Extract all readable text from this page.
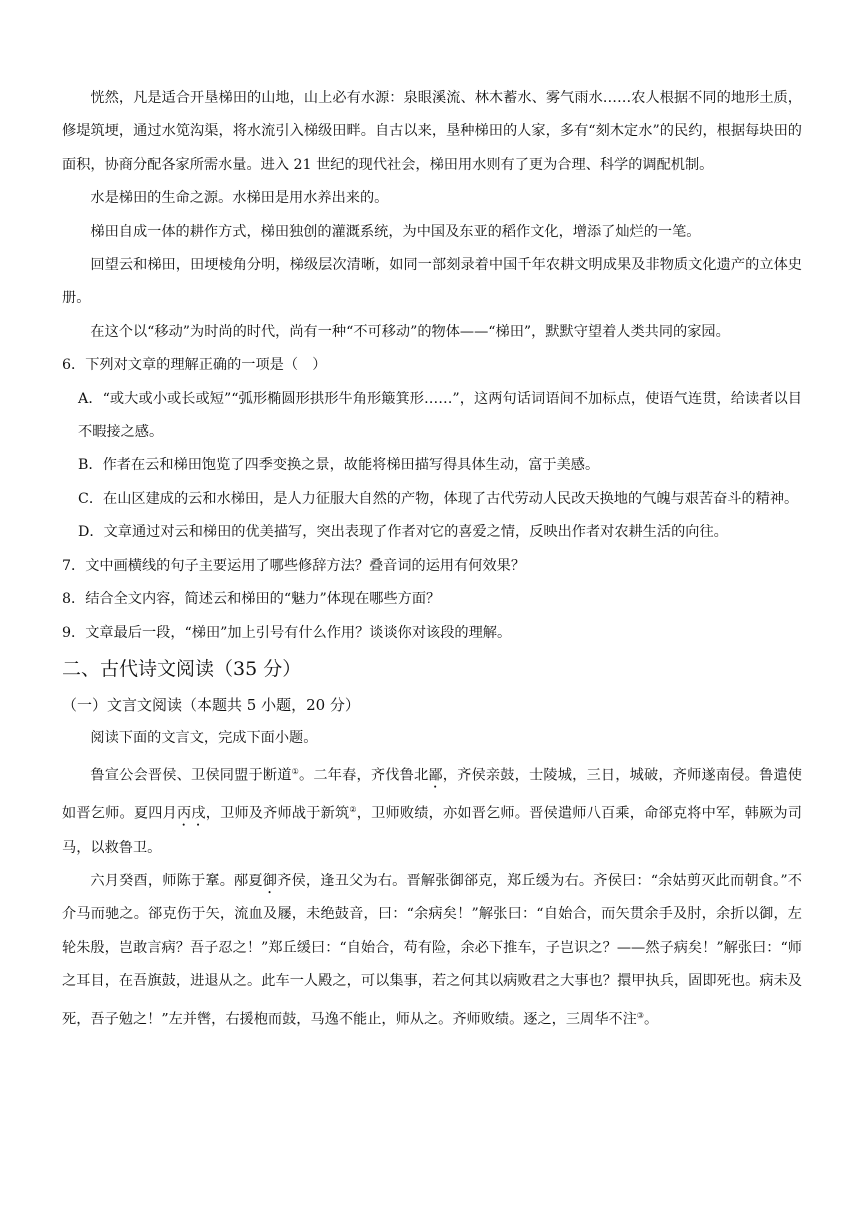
恍然，凡是适合开垦梯田的山地，山上必有水源：泉眼溪流、林木蓄水、雾气雨水……农人根据不同的地形土质，修堤筑埂，通过水笕沟渠，将水流引入梯级田畔。自古以来，垦种梯田的人家，多有“刻木定水”的民约，根据每块田的面积，协商分配各家所需水量。进入 21 世纪的现代社会，梯田用水则有了更为合理、科学的调配机制。

水是梯田的生命之源。水梯田是用水养出来的。

梯田自成一体的耕作方式，梯田独创的灌溉系统，为中国及东亚的稻作文化，增添了灿烂的一笔。

回望云和梯田，田埂棱角分明，梯级层次清晰，如同一部刻录着中国千年农耕文明成果及非物质文化遗产的立体史册。

在这个以“移动”为时尚的时代，尚有一种“不可移动”的物体——“梯田”，默默守望着人类共同的家园。

6．下列对文章的理解正确的一项是（　）

A．“或大或小或长或短”“弧形椭圆形拱形牛角形簸箕形……”，这两句话词语间不加标点，使语气连贯，给读者以目不暇接之感。

B．作者在云和梯田饱览了四季变换之景，故能将梯田描写得具体生动，富于美感。

C．在山区建成的云和水梯田，是人力征服大自然的产物，体现了古代劳动人民改天换地的气魄与艰苦奋斗的精神。

D．文章通过对云和梯田的优美描写，突出表现了作者对它的喜爱之情，反映出作者对农耕生活的向往。

7．文中画横线的句子主要运用了哪些修辞方法？叠音词的运用有何效果？

8．结合全文内容，简述云和梯田的“魅力”体现在哪些方面？

9．文章最后一段，“梯田”加上引号有什么作用？谈谈你对该段的理解。

二、古代诗文阅读（35 分）

（一）文言文阅读（本题共 5 小题，20 分）

阅读下面的文言文，完成下面小题。

鲁宣公会晋侯、卫侯同盟于断道①。二年春，齐伐鲁北鄙，齐侯亲鼓，士陵城，三日，城破，齐师遂南侵。鲁遣使如晋乞师。夏四月丙戌，卫师及齐师战于新筑②，卫师败绩，亦如晋乞师。晋侯遣师八百乘，命郤克将中军，韩厥为司马，以救鲁卫。

六月癸酉，师陈于鞌。邴夏御齐侯，逢丑父为右。晋解张御郤克，郑丘缓为右。齐侯曰：“余姑剪灭此而朝食。”不介马而驰之。郤克伤于矢，流血及屦，未绝鼓音，曰：“余病矣！”解张曰：“自始合，而矢贯余手及肘，余折以御，左轮朱殷，岂敢言病？吾子忍之！”郑丘缓曰：“自始合，苟有险，余必下推车，子岂识之？——然子病矣！”解张曰：“师之耳目，在吾旗鼓，进退从之。此车一人殿之，可以集事，若之何其以病败君之大事也？擐甲执兵，固即死也。病未及死，吾子勉之！”左并辔，右援枹而鼓，马逸不能止，师从之。齐师败绩。逐之，三周华不注③。
